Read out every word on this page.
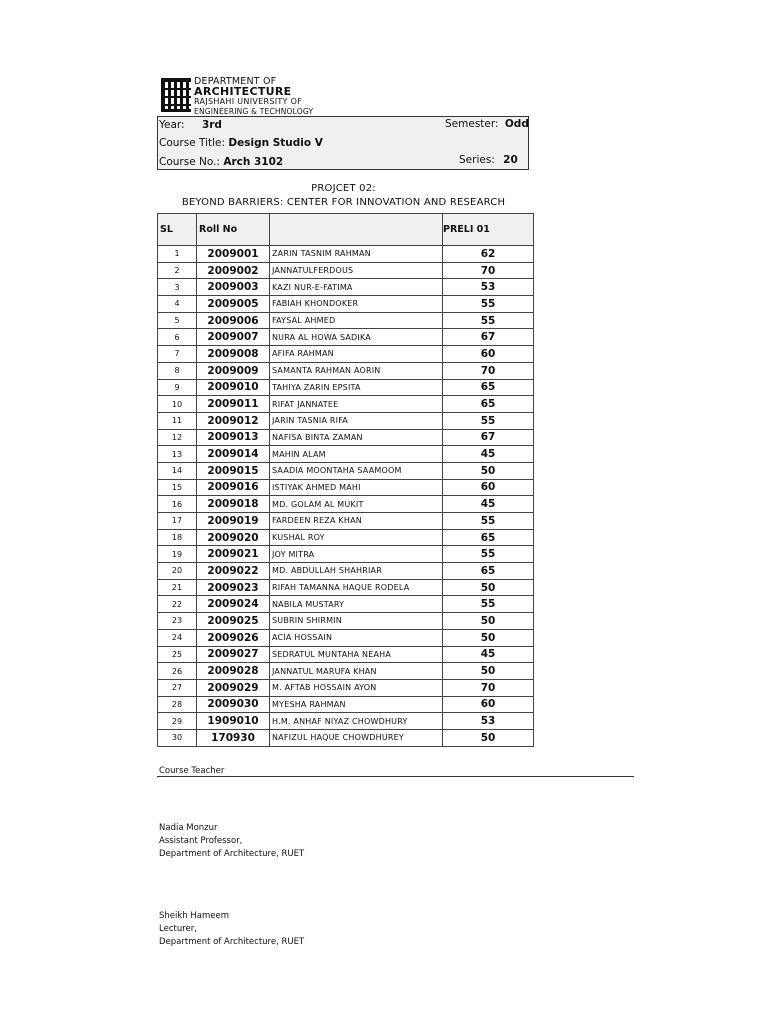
DEPARTMENT OF
ARCHITECTURE
RAJSHAHI UNIVERSITY OF
ENGINEERING & TECHNOLOGY
Year: 3rd	Semester: Odd
Course Title: Design Studio V
Course No.: Arch 3102	Series: 20
PROJCET 02:
BEYOND BARRIERS: CENTER FOR INNOVATION AND RESEARCH
SL	Roll No		PRELI 01
1	2009001	ZARIN TASNIM RAHMAN	62
2	2009002	JANNATULFERDOUS	70
3	2009003	KAZI NUR-E-FATIMA	53
4	2009005	FABIAH KHONDOKER	55
5	2009006	FAYSAL AHMED	55
6	2009007	NURA AL HOWA SADIKA	67
7	2009008	AFIFA RAHMAN	60
8	2009009	SAMANTA RAHMAN AORIN	70
9	2009010	TAHIYA ZARIN EPSITA	65
10	2009011	RIFAT JANNATEE	65
11	2009012	JARIN TASNIA RIFA	55
12	2009013	NAFISA BINTA ZAMAN	67
13	2009014	MAHIN ALAM	45
14	2009015	SAADIA MOONTAHA SAAMOOM	50
15	2009016	ISTIYAK AHMED MAHI	60
16	2009018	MD. GOLAM AL MUKIT	45
17	2009019	FARDEEN REZA KHAN	55
18	2009020	KUSHAL ROY	65
19	2009021	JOY MITRA	55
20	2009022	MD. ABDULLAH SHAHRIAR	65
21	2009023	RIFAH TAMANNA HAQUE RODELA	50
22	2009024	NABILA MUSTARY	55
23	2009025	SUBRIN SHIRMIN	50
24	2009026	ACIA HOSSAIN	50
25	2009027	SEDRATUL MUNTAHA NEAHA	45
26	2009028	JANNATUL MARUFA KHAN	50
27	2009029	M. AFTAB HOSSAIN AYON	70
28	2009030	MYESHA RAHMAN	60
29	1909010	H.M. ANHAF NIYAZ CHOWDHURY	53
30	170930	NAFIZUL HAQUE CHOWDHUREY	50
Course Teacher
Nadia Monzur
Assistant Professor,
Department of Architecture, RUET
Sheikh Hameem
Lecturer,
Department of Architecture, RUET
